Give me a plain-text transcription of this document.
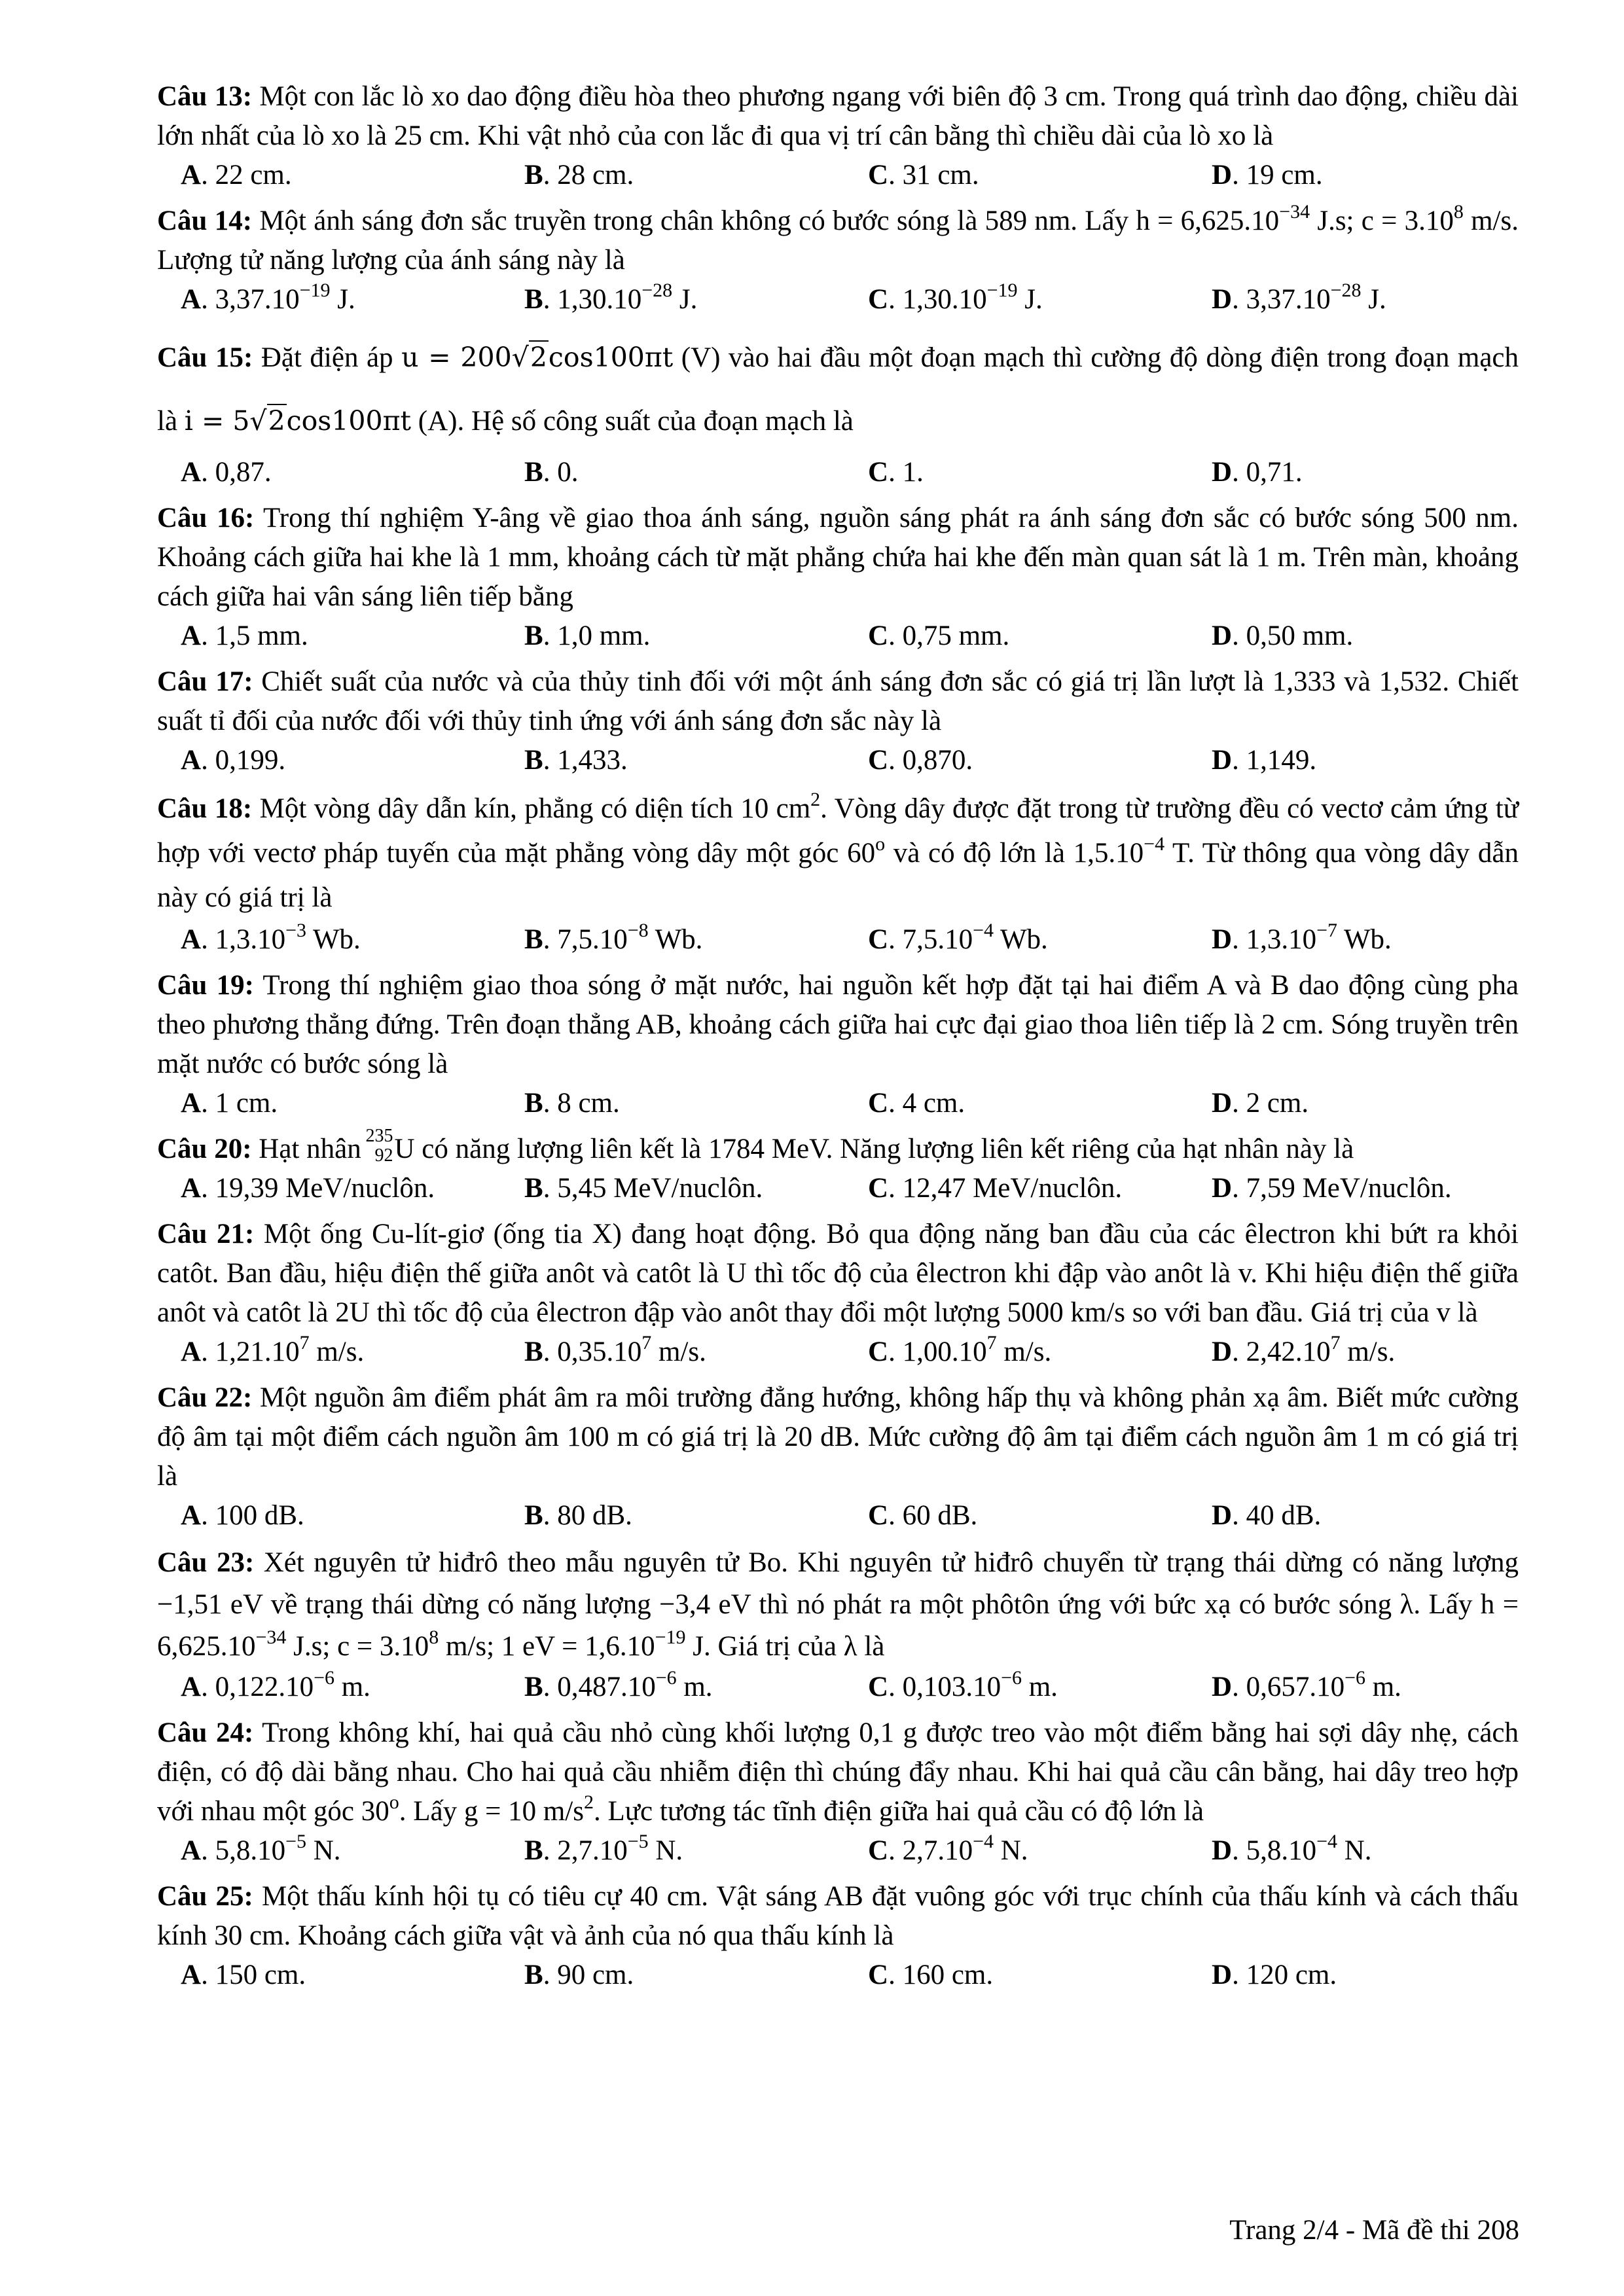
Câu 13: Một con lắc lò xo dao động điều hòa theo phương ngang với biên độ 3 cm. Trong quá trình dao động, chiều dài lớn nhất của lò xo là 25 cm. Khi vật nhỏ của con lắc đi qua vị trí cân bằng thì chiều dài của lò xo là
A. 22 cm.	B. 28 cm.	C. 31 cm.	D. 19 cm.
Câu 14: Một ánh sáng đơn sắc truyền trong chân không có bước sóng là 589 nm. Lấy $h = 6,625.10^{-34}$ J.s; $c = 3.10^8$ m/s. Lượng tử năng lượng của ánh sáng này là
A. $3,37.10^{-19}$ J.	B. $1,30.10^{-28}$ J.	C. $1,30.10^{-19}$ J.	D. $3,37.10^{-28}$ J.
Câu 15: Đặt điện áp u = 200√2cos100πt (V) vào hai đầu một đoạn mạch thì cường độ dòng điện trong đoạn mạch là i = 5√2cos100πt (A). Hệ số công suất của đoạn mạch là
A. 0,87.	B. 0.	C. 1.	D. 0,71.
Câu 16: Trong thí nghiệm Y-âng về giao thoa ánh sáng, nguồn sáng phát ra ánh sáng đơn sắc có bước sóng 500 nm. Khoảng cách giữa hai khe là 1 mm, khoảng cách từ mặt phẳng chứa hai khe đến màn quan sát là 1 m. Trên màn, khoảng cách giữa hai vân sáng liên tiếp bằng
A. 1,5 mm.	B. 1,0 mm.	C. 0,75 mm.	D. 0,50 mm.
Câu 17: Chiết suất của nước và của thủy tinh đối với một ánh sáng đơn sắc có giá trị lần lượt là 1,333 và 1,532. Chiết suất tỉ đối của nước đối với thủy tinh ứng với ánh sáng đơn sắc này là
A. 0,199.	B. 1,433.	C. 0,870.	D. 1,149.
Câu 18: Một vòng dây dẫn kín, phẳng có diện tích 10 $cm^2$. Vòng dây được đặt trong từ trường đều có vectơ cảm ứng từ hợp với vectơ pháp tuyến của mặt phẳng vòng dây một góc 60$^o$ và có độ lớn là $1,5.10^{-4}$ T. Từ thông qua vòng dây dẫn này có giá trị là
A. $1,3.10^{-3}$ Wb.	B. $7,5.10^{-8}$ Wb.	C. $7,5.10^{-4}$ Wb.	D. $1,3.10^{-7}$ Wb.
Câu 19: Trong thí nghiệm giao thoa sóng ở mặt nước, hai nguồn kết hợp đặt tại hai điểm A và B dao động cùng pha theo phương thẳng đứng. Trên đoạn thẳng AB, khoảng cách giữa hai cực đại giao thoa liên tiếp là 2 cm. Sóng truyền trên mặt nước có bước sóng là
A. 1 cm.	B. 8 cm.	C. 4 cm.	D. 2 cm.
Câu 20: Hạt nhân
235
92 U có năng lượng liên kết là 1784 MeV. Năng lượng liên kết riêng của hạt nhân này là
A. 19,39 MeV/nuclôn.	B. 5,45 MeV/nuclôn.	C. 12,47 MeV/nuclôn.	D. 7,59 MeV/nuclôn.
Câu 21: Một ống Cu-lít-giơ (ống tia X) đang hoạt động. Bỏ qua động năng ban đầu của các êlectron khi bứt ra khỏi catôt. Ban đầu, hiệu điện thế giữa anôt và catôt là U thì tốc độ của êlectron khi đập vào anôt là v. Khi hiệu điện thế giữa anôt và catôt là 2U thì tốc độ của êlectron đập vào anôt thay đổi một lượng 5000 km/s so với ban đầu. Giá trị của v là
A. 1,21.10$^7$ m/s.	B. 0,35.10$^7$ m/s.	C. 1,00.10$^7$ m/s.	D. 2,42.10$^7$ m/s.
Câu 22: Một nguồn âm điểm phát âm ra môi trường đẳng hướng, không hấp thụ và không phản xạ âm. Biết mức cường độ âm tại một điểm cách nguồn âm 100 m có giá trị là 20 dB. Mức cường độ âm tại điểm cách nguồn âm 1 m có giá trị là
A. 100 dB.	B. 80 dB.	C. 60 dB.	D. 40 dB.
Câu 23: Xét nguyên tử hiđrô theo mẫu nguyên tử Bo. Khi nguyên tử hiđrô chuyển từ trạng thái dừng có năng lượng −1,51 eV về trạng thái dừng có năng lượng −3,4 eV thì nó phát ra một phôtôn ứng với bức xạ có bước sóng λ. Lấy $h = 6,625.10^{-34}$ J.s; $c = 3.10^8$ m/s; 1 eV = $1,6.10^{-19}$ J. Giá trị của λ là
A. $0,122.10^{-6}$ m.	B. $0,487.10^{-6}$ m.	C. $0,103.10^{-6}$ m.	D. $0,657.10^{-6}$ m.
Câu 24: Trong không khí, hai quả cầu nhỏ cùng khối lượng 0,1 g được treo vào một điểm bằng hai sợi dây nhẹ, cách điện, có độ dài bằng nhau. Cho hai quả cầu nhiễm điện thì chúng đẩy nhau. Khi hai quả cầu cân bằng, hai dây treo hợp với nhau một góc 30$^o$. Lấy g = 10 $m/s^2$. Lực tương tác tĩnh điện giữa hai quả cầu có độ lớn là
A. $5,8.10^{-5}$ N.	B. $2,7.10^{-5}$ N.	C. $2,7.10^{-4}$ N.	D. $5,8.10^{-4}$ N.
Câu 25: Một thấu kính hội tụ có tiêu cự 40 cm. Vật sáng AB đặt vuông góc với trục chính của thấu kính và cách thấu kính 30 cm. Khoảng cách giữa vật và ảnh của nó qua thấu kính là
A. 150 cm.	B. 90 cm.	C. 160 cm.	D. 120 cm.
Trang 2/4 - Mã đề thi 208
